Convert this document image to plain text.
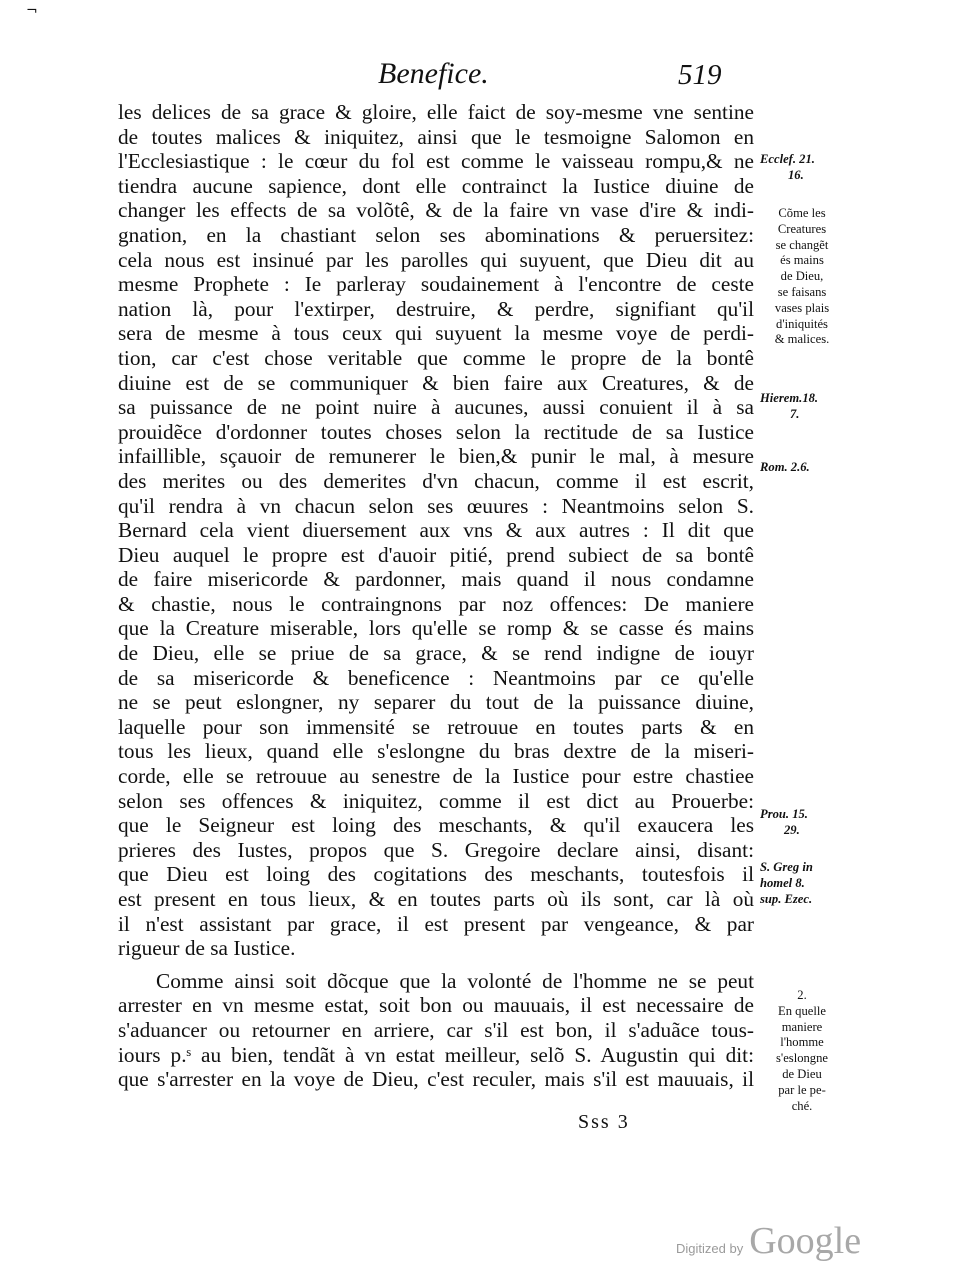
¬
Benefice.	519
les delices de sa grace & gloire, elle faict de soy-mesme vne sentine
de toutes malices & iniquitez, ainsi que le tesmoigne Salomon en
l'Ecclesiastique : le cœur du fol est comme le vaisseau rompu,& ne
tiendra aucune sapience, dont elle contrainct la Iustice diuine de
changer les effects de sa volõtê, & de la faire vn vase d'ire & indi-
gnation, en la chastiant selon ses abominations & peruersitez:
cela nous est insinué par les parolles qui suyuent, que Dieu dit au
mesme Prophete : Ie parleray soudainement à l'encontre de ceste
nation là, pour l'extirper, destruire, & perdre, signifiant qu'il
sera de mesme à tous ceux qui suyuent la mesme voye de perdi-
tion, car c'est chose veritable que comme le propre de la bontê
diuine est de se communiquer & bien faire aux Creatures, & de
sa puissance de ne point nuire à aucunes, aussi conuient il à sa
prouidẽce d'ordonner toutes choses selon la rectitude de sa Iustice
infaillible, sçauoir de remunerer le bien,& punir le mal, à mesure
des merites ou des demerites d'vn chacun, comme il est escrit,
qu'il rendra à vn chacun selon ses œuures : Neantmoins selon S.
Bernard cela vient diuersement aux vns & aux autres : Il dit que
Dieu auquel le propre est d'auoir pitié, prend subiect de sa bontê
de faire misericorde & pardonner, mais quand il nous condamne
& chastie, nous le contraingnons par noz offences: De maniere
que la Creature miserable, lors qu'elle se romp & se casse és mains
de Dieu, elle se priue de sa grace, & se rend indigne de iouyr
de sa misericorde & beneficence : Neantmoins par ce qu'elle
ne se peut eslongner, ny separer du tout de la puissance diuine,
laquelle pour son immensité se retrouue en toutes parts & en
tous les lieux, quand elle s'eslongne du bras dextre de la miseri-
corde, elle se retrouue au senestre de la Iustice pour estre chastiee
selon ses offences & iniquitez, comme il est dict au Prouerbe:
que le Seigneur est loing des meschants, & qu'il exaucera les
prieres des Iustes, propos que S. Gregoire declare ainsi, disant:
que Dieu est loing des cogitations des meschants, toutesfois il
est present en tous lieux, & en toutes parts où ils sont, car là où
il n'est assistant par grace, il est present par vengeance, & par
rigueur de sa Iustice.
Comme ainsi soit dõcque que la volonté de l'homme ne se peut
arrester en vn mesme estat, soit bon ou mauuais, il est necessaire de
s'aduancer ou retourner en arriere, car s'il est bon, il s'aduãce tous-
iours p.ˢ au bien, tendãt à vn estat meilleur, selõ S. Augustin qui dit:
que s'arrester en la voye de Dieu, c'est reculer, mais s'il est mauuais, il
Ecclef. 21.
16.
Cõme les
Creatures
se changẽt
és mains
de Dieu,
se faisans
vases plais
d'iniquités
& malices.
Hierem.18.
7.
Rom. 2.6.
Prou. 15.
29.
S. Greg in
homel 8.
sup. Ezec.
2.
En quelle
maniere
l'homme
s'eslongne
de Dieu
par le pe-
ché.
Sss 3
Digitized by Google
